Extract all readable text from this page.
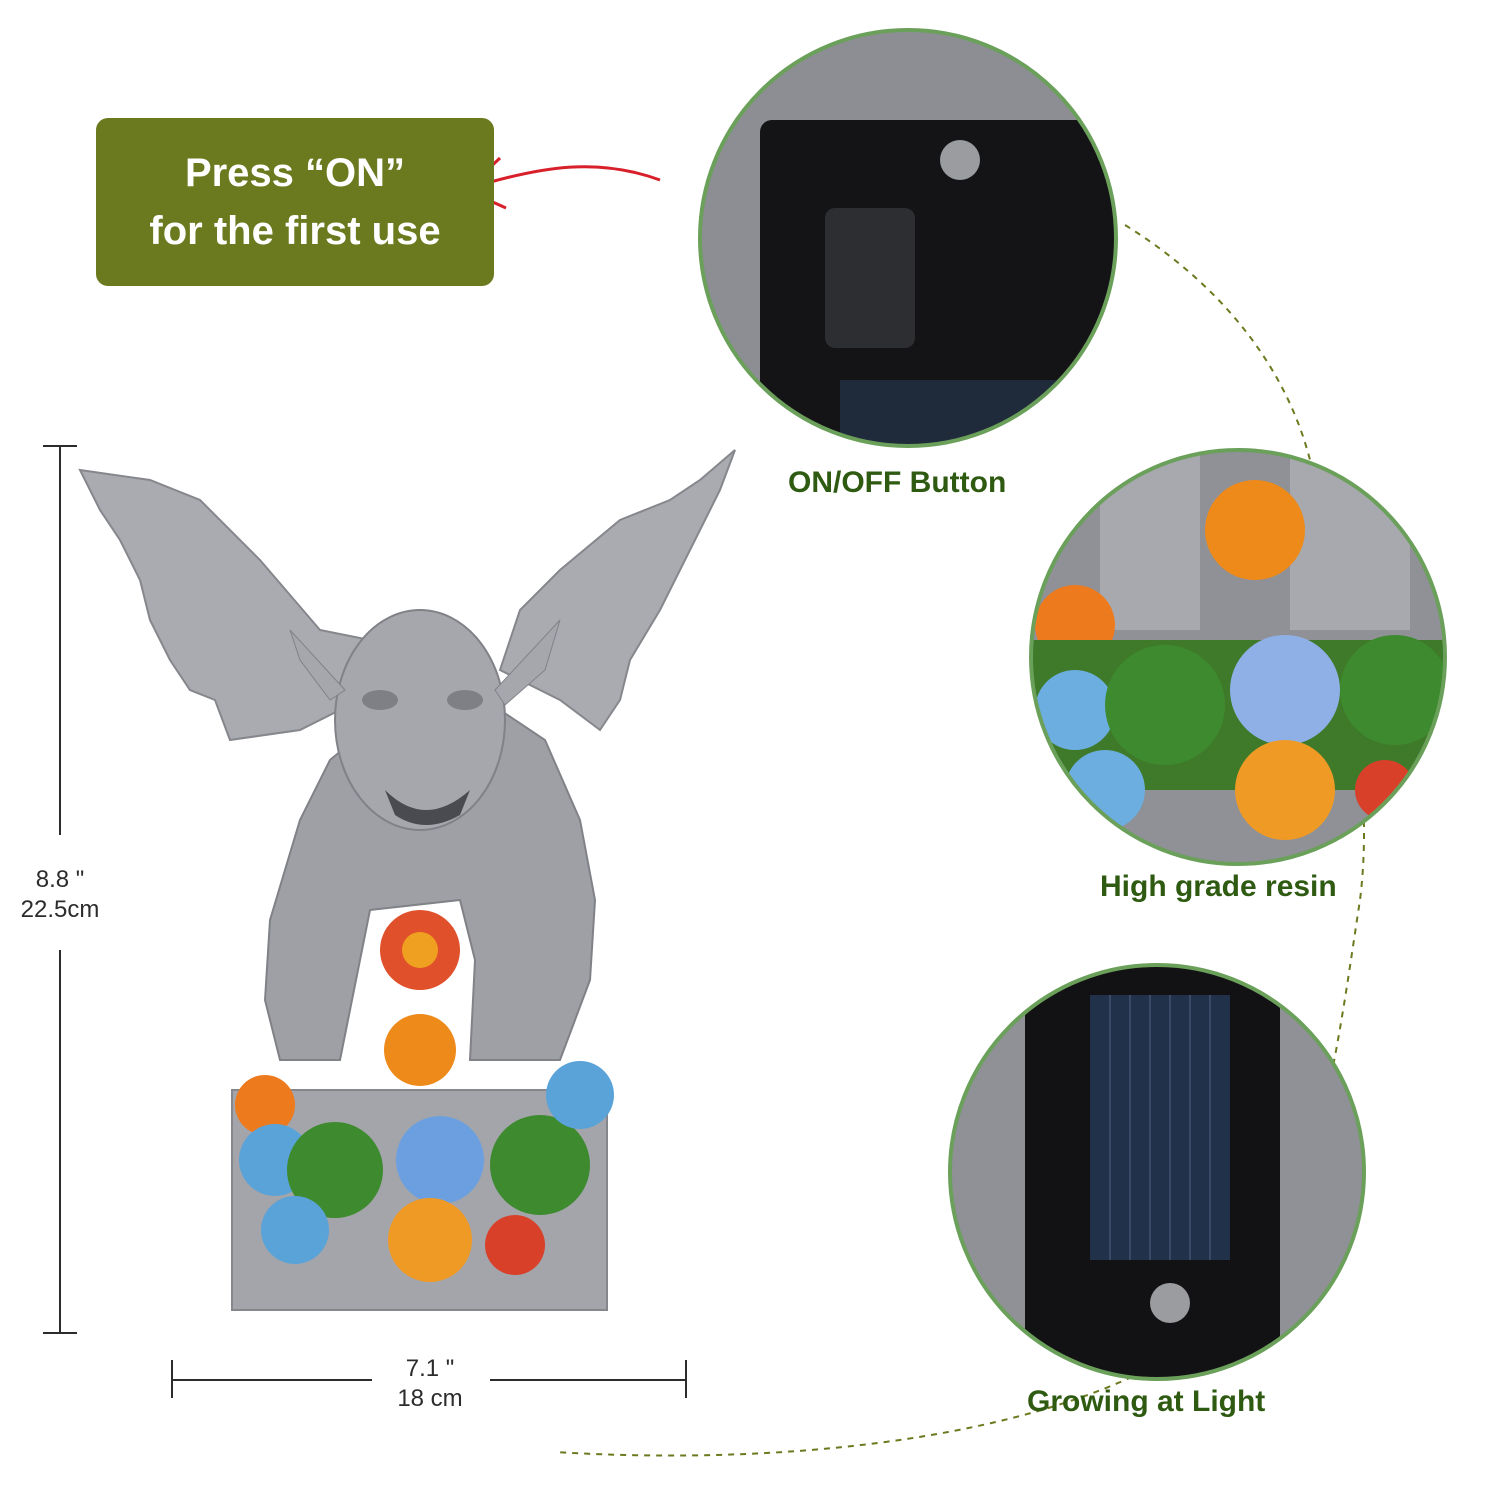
Press “ON”
for the first use
ON/OFF Button
High grade resin
Growing at Light
8.8 "
22.5cm
7.1 "
18 cm
